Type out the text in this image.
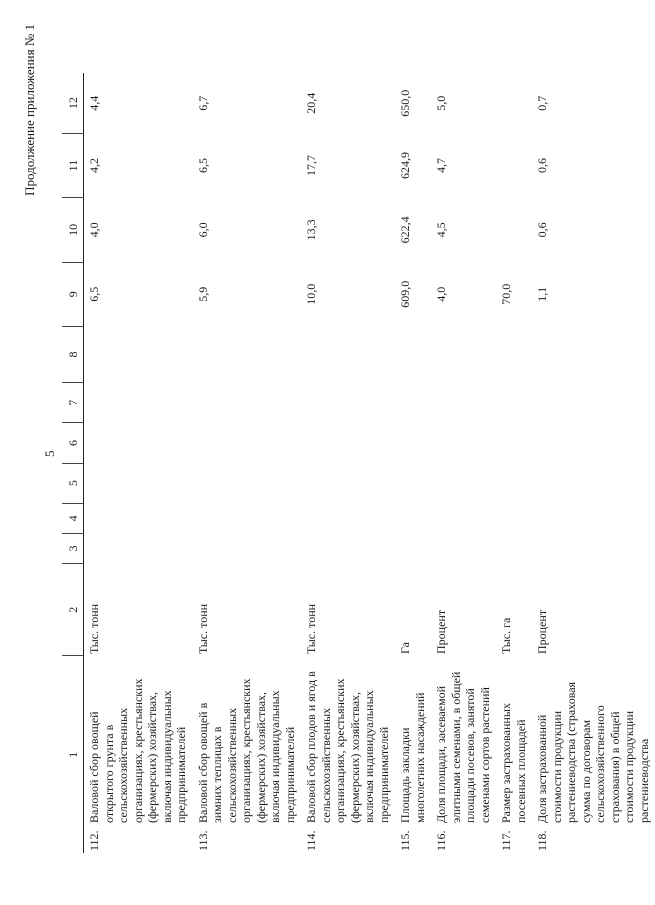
5
Продолжение приложения № 1
1	2	3	4	5	6	7	8	9	10	11	12
112.Валовой сбор овощей открытого грунта в сельскохозяйственных организациях, крестьянских (фермерских) хозяйствах, включая индивидуальных предпринимателей	Тыс. тонн							6,5	4,0	4,2	4,4
113.Валовой сбор овощей в зимних теплицах в сельскохозяйственных организациях, крестьянских (фермерских) хозяйствах, включая индивидуальных предпринимателей	Тыс. тонн							5,9	6,0	6,5	6,7
114.Валовой сбор плодов и ягод в сельскохозяйственных организациях, крестьянских (фермерских) хозяйствах, включая индивидуальных предпринимателей	Тыс. тонн							10,0	13,3	17,7	20,4
115.Площадь закладки многолетних насаждений	Га							609,0	622,4	624,9	650,0
116.Доля площади, засеваемой элитными семенами, в общей площади посевов, занятой семенами сортов растений	Процент							4,0	4,5	4,7	5,0
117.Размер застрахованных посевных площадей	Тыс. га							70,0			
118.Доля застрахованной стоимости продукции растениеводства (страховая сумма по договорам сельскохозяйственного страхования) в общей стоимости продукции растениеводства	Процент							1,1	0,6	0,6	0,7
